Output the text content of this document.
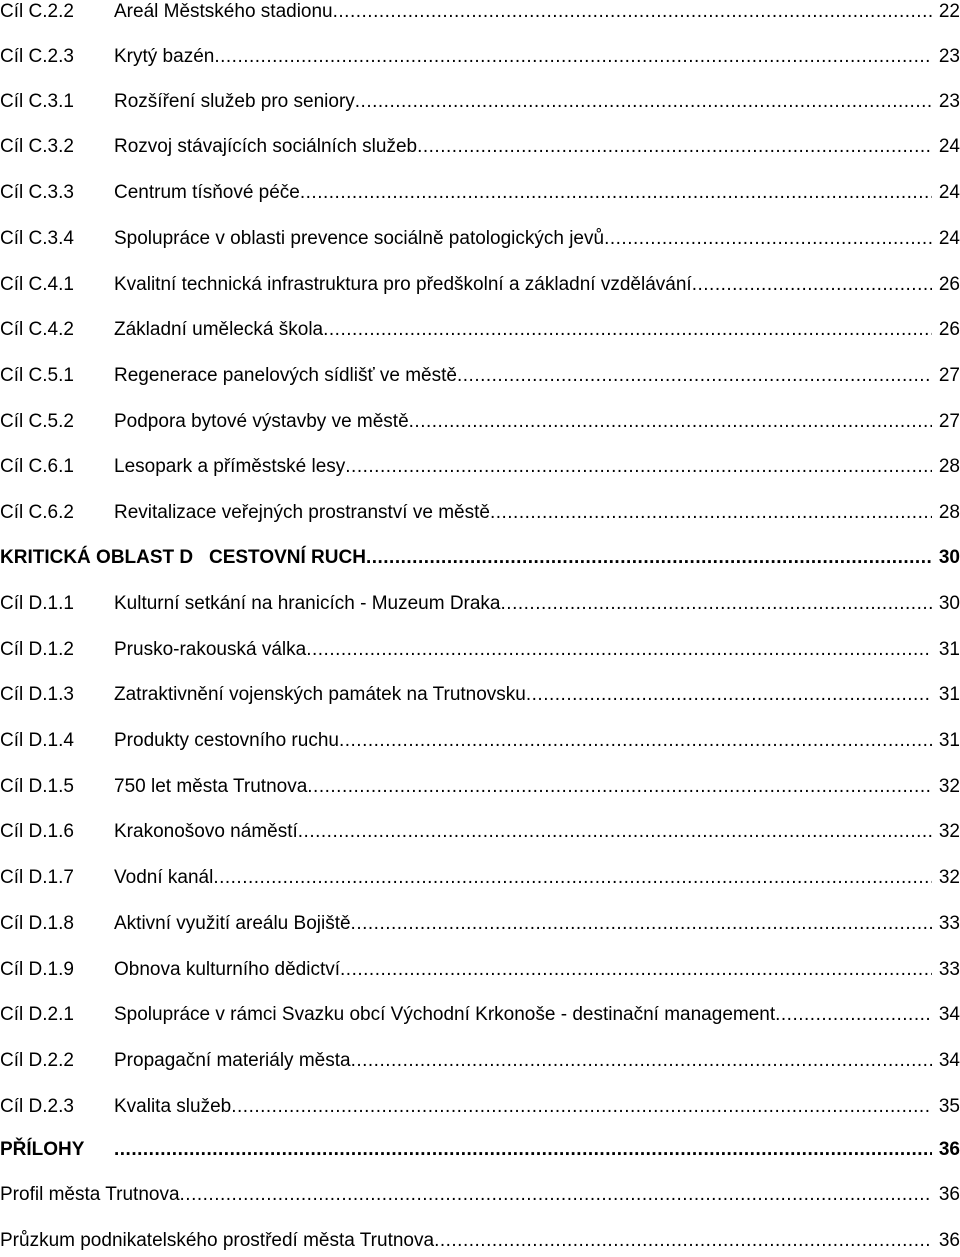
Cíl C.2.2 Areál Městského stadionu .....	22
Cíl C.2.3 Krytý bazén .....	23
Cíl C.3.1 Rozšíření služeb pro seniory .....	23
Cíl C.3.2 Rozvoj stávajících sociálních služeb .....	24
Cíl C.3.3 Centrum tísňové péče .....	24
Cíl C.3.4 Spolupráce v oblasti prevence sociálně patologických jevů .....	24
Cíl C.4.1 Kvalitní technická infrastruktura pro předškolní a základní vzdělávání .....	26
Cíl C.4.2 Základní umělecká škola .....	26
Cíl C.5.1 Regenerace panelových sídlišť ve městě .....	27
Cíl C.5.2 Podpora bytové výstavby ve městě .....	27
Cíl C.6.1 Lesopark a příměstské lesy .....	28
Cíl C.6.2 Revitalizace veřejných prostranství ve městě .....	28
KRITICKÁ OBLAST D   CESTOVNÍ RUCH .....	30
Cíl D.1.1 Kulturní setkání na hranicích - Muzeum Draka .....	30
Cíl D.1.2 Prusko-rakouská válka .....	31
Cíl D.1.3 Zatraktivnění vojenských památek na Trutnovsku .....	31
Cíl D.1.4 Produkty cestovního ruchu .....	31
Cíl D.1.5 750 let města Trutnova .....	32
Cíl D.1.6 Krakonošovo náměstí .....	32
Cíl D.1.7 Vodní kanál .....	32
Cíl D.1.8 Aktivní využití areálu Bojiště .....	33
Cíl D.1.9 Obnova kulturního dědictví .....	33
Cíl D.2.1 Spolupráce v rámci Svazku obcí Východní Krkonoše - destinační management .....	34
Cíl D.2.2 Propagační materiály města .....	34
Cíl D.2.3 Kvalita služeb .....	35
PŘÍLOHY .....	36
Profil města Trutnova .....	36
Průzkum podnikatelského prostředí města Trutnova .....	36
